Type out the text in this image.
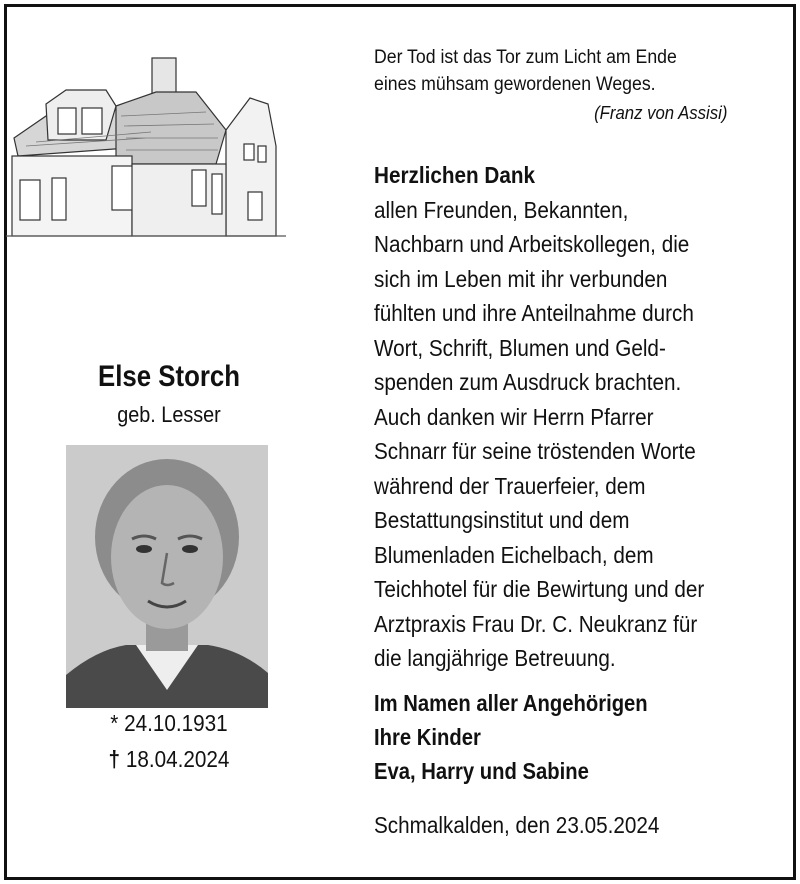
Else Storch
geb. Lesser
* 24.10.1931
† 18.04.2024
Der Tod ist das Tor zum Licht am Ende
eines mühsam gewordenen Weges.
(Franz von Assisi)
Herzlichen Dank
allen Freunden, Bekannten,
Nachbarn und Arbeitskollegen, die
sich im Leben mit ihr verbunden
fühlten und ihre Anteilnahme durch
Wort, Schrift, Blumen und Geld-
spenden zum Ausdruck brachten.
Auch danken wir Herrn Pfarrer
Schnarr für seine tröstenden Worte
während der Trauerfeier, dem
Bestattungsinstitut und dem
Blumenladen Eichelbach, dem
Teichhotel für die Bewirtung und der
Arztpraxis Frau Dr. C. Neukranz für
die langjährige Betreuung.
Im Namen aller Angehörigen
Ihre Kinder
Eva, Harry und Sabine
Schmalkalden, den 23.05.2024
